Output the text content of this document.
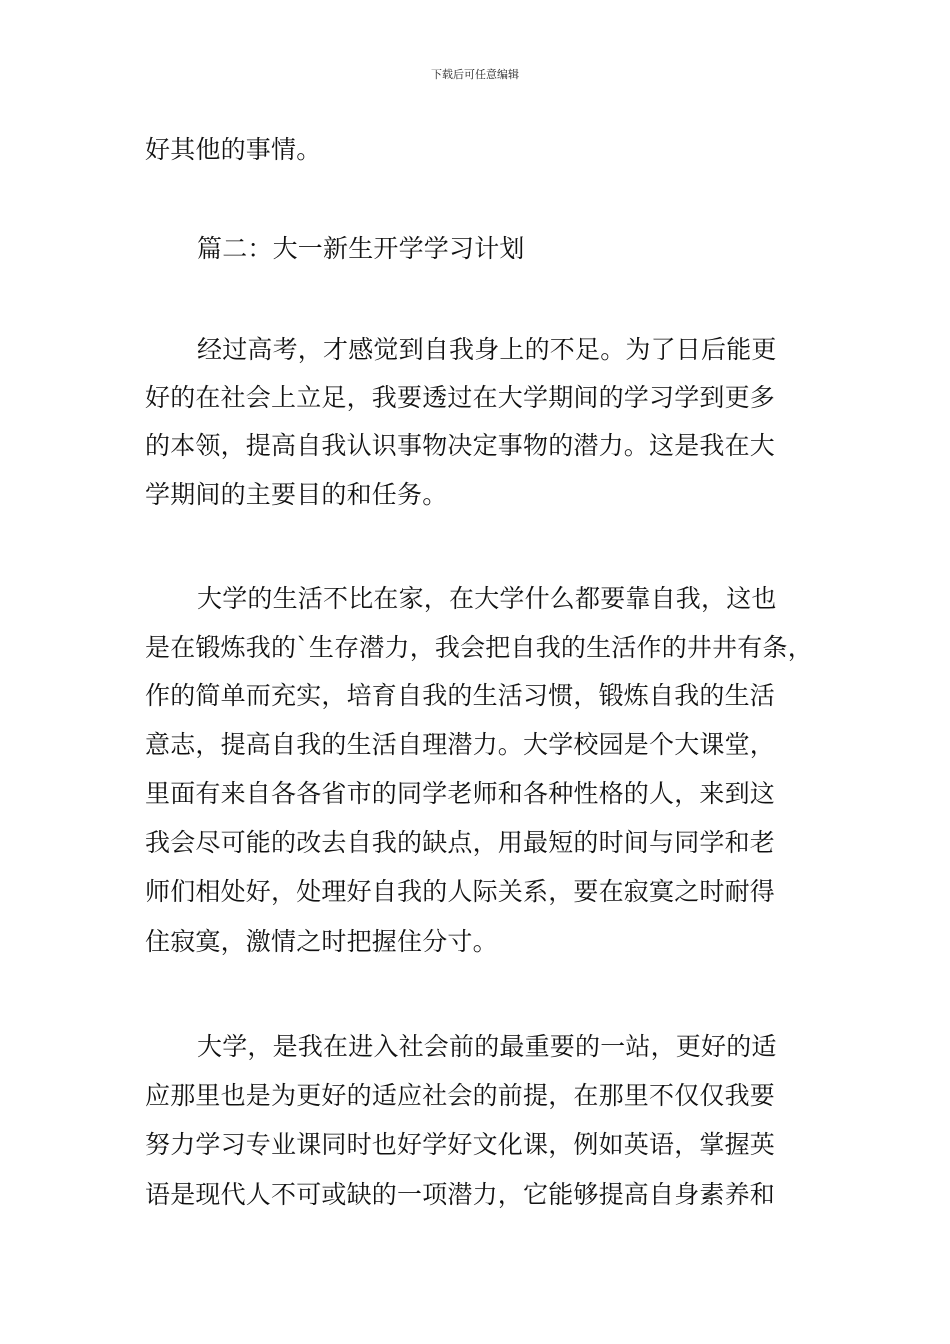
下载后可任意编辑
好其他的事情。
篇二：大一新生开学学习计划
经过高考，才感觉到自我身上的不足。为了日后能更
好的在社会上立足，我要透过在大学期间的学习学到更多
的本领，提高自我认识事物决定事物的潜力。这是我在大
学期间的主要目的和任务。
大学的生活不比在家，在大学什么都要靠自我，这也
是在锻炼我的`生存潜力，我会把自我的生活作的井井有条，
作的简单而充实，培育自我的生活习惯，锻炼自我的生活
意志，提高自我的生活自理潜力。大学校园是个大课堂，
里面有来自各各省市的同学老师和各种性格的人，来到这
我会尽可能的改去自我的缺点，用最短的时间与同学和老
师们相处好，处理好自我的人际关系，要在寂寞之时耐得
住寂寞，激情之时把握住分寸。
大学，是我在进入社会前的最重要的一站，更好的适
应那里也是为更好的适应社会的前提，在那里不仅仅我要
努力学习专业课同时也好学好文化课，例如英语，掌握英
语是现代人不可或缺的一项潜力，它能够提高自身素养和
